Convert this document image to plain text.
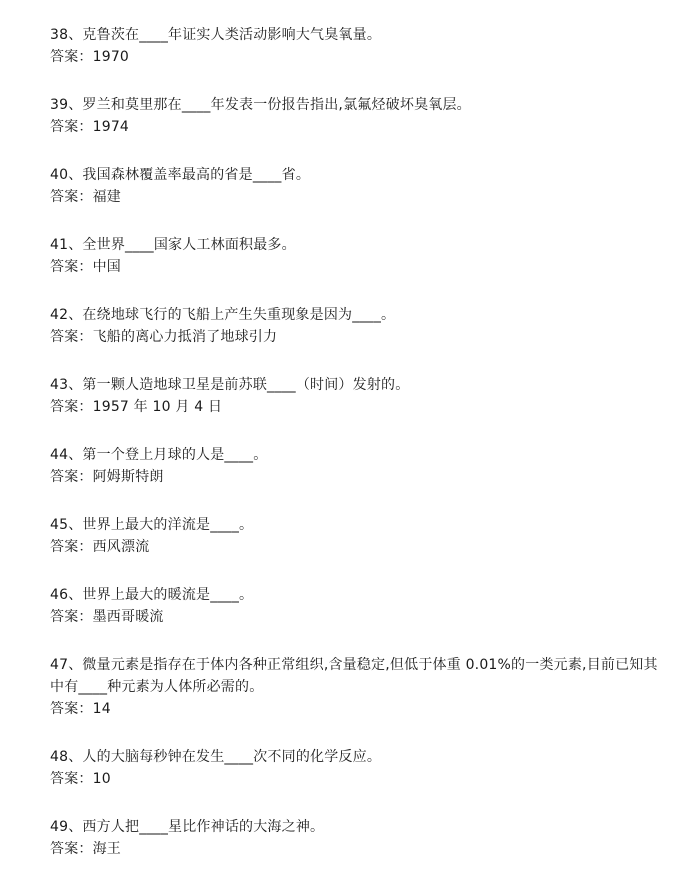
38、克鲁茨在____年证实人类活动影响大气臭氧量。

答案：1970

39、罗兰和莫里那在____年发表一份报告指出,氯氟烃破坏臭氧层。

答案：1974

40、我国森林覆盖率最高的省是____省。

答案：福建

41、全世界____国家人工林面积最多。

答案：中国

42、在绕地球飞行的飞船上产生失重现象是因为____。

答案：飞船的离心力抵消了地球引力

43、第一颗人造地球卫星是前苏联____（时间）发射的。

答案：1957 年 10 月 4 日

44、第一个登上月球的人是____。

答案：阿姆斯特朗

45、世界上最大的洋流是____。

答案：西风漂流

46、世界上最大的暖流是____。

答案：墨西哥暖流

47、微量元素是指存在于体内各种正常组织,含量稳定,但低于体重 0.01%的一类元素,目前已知其中有____种元素为人体所必需的。

答案：14

48、人的大脑每秒钟在发生____次不同的化学反应。

答案：10

49、西方人把____星比作神话的大海之神。

答案：海王
